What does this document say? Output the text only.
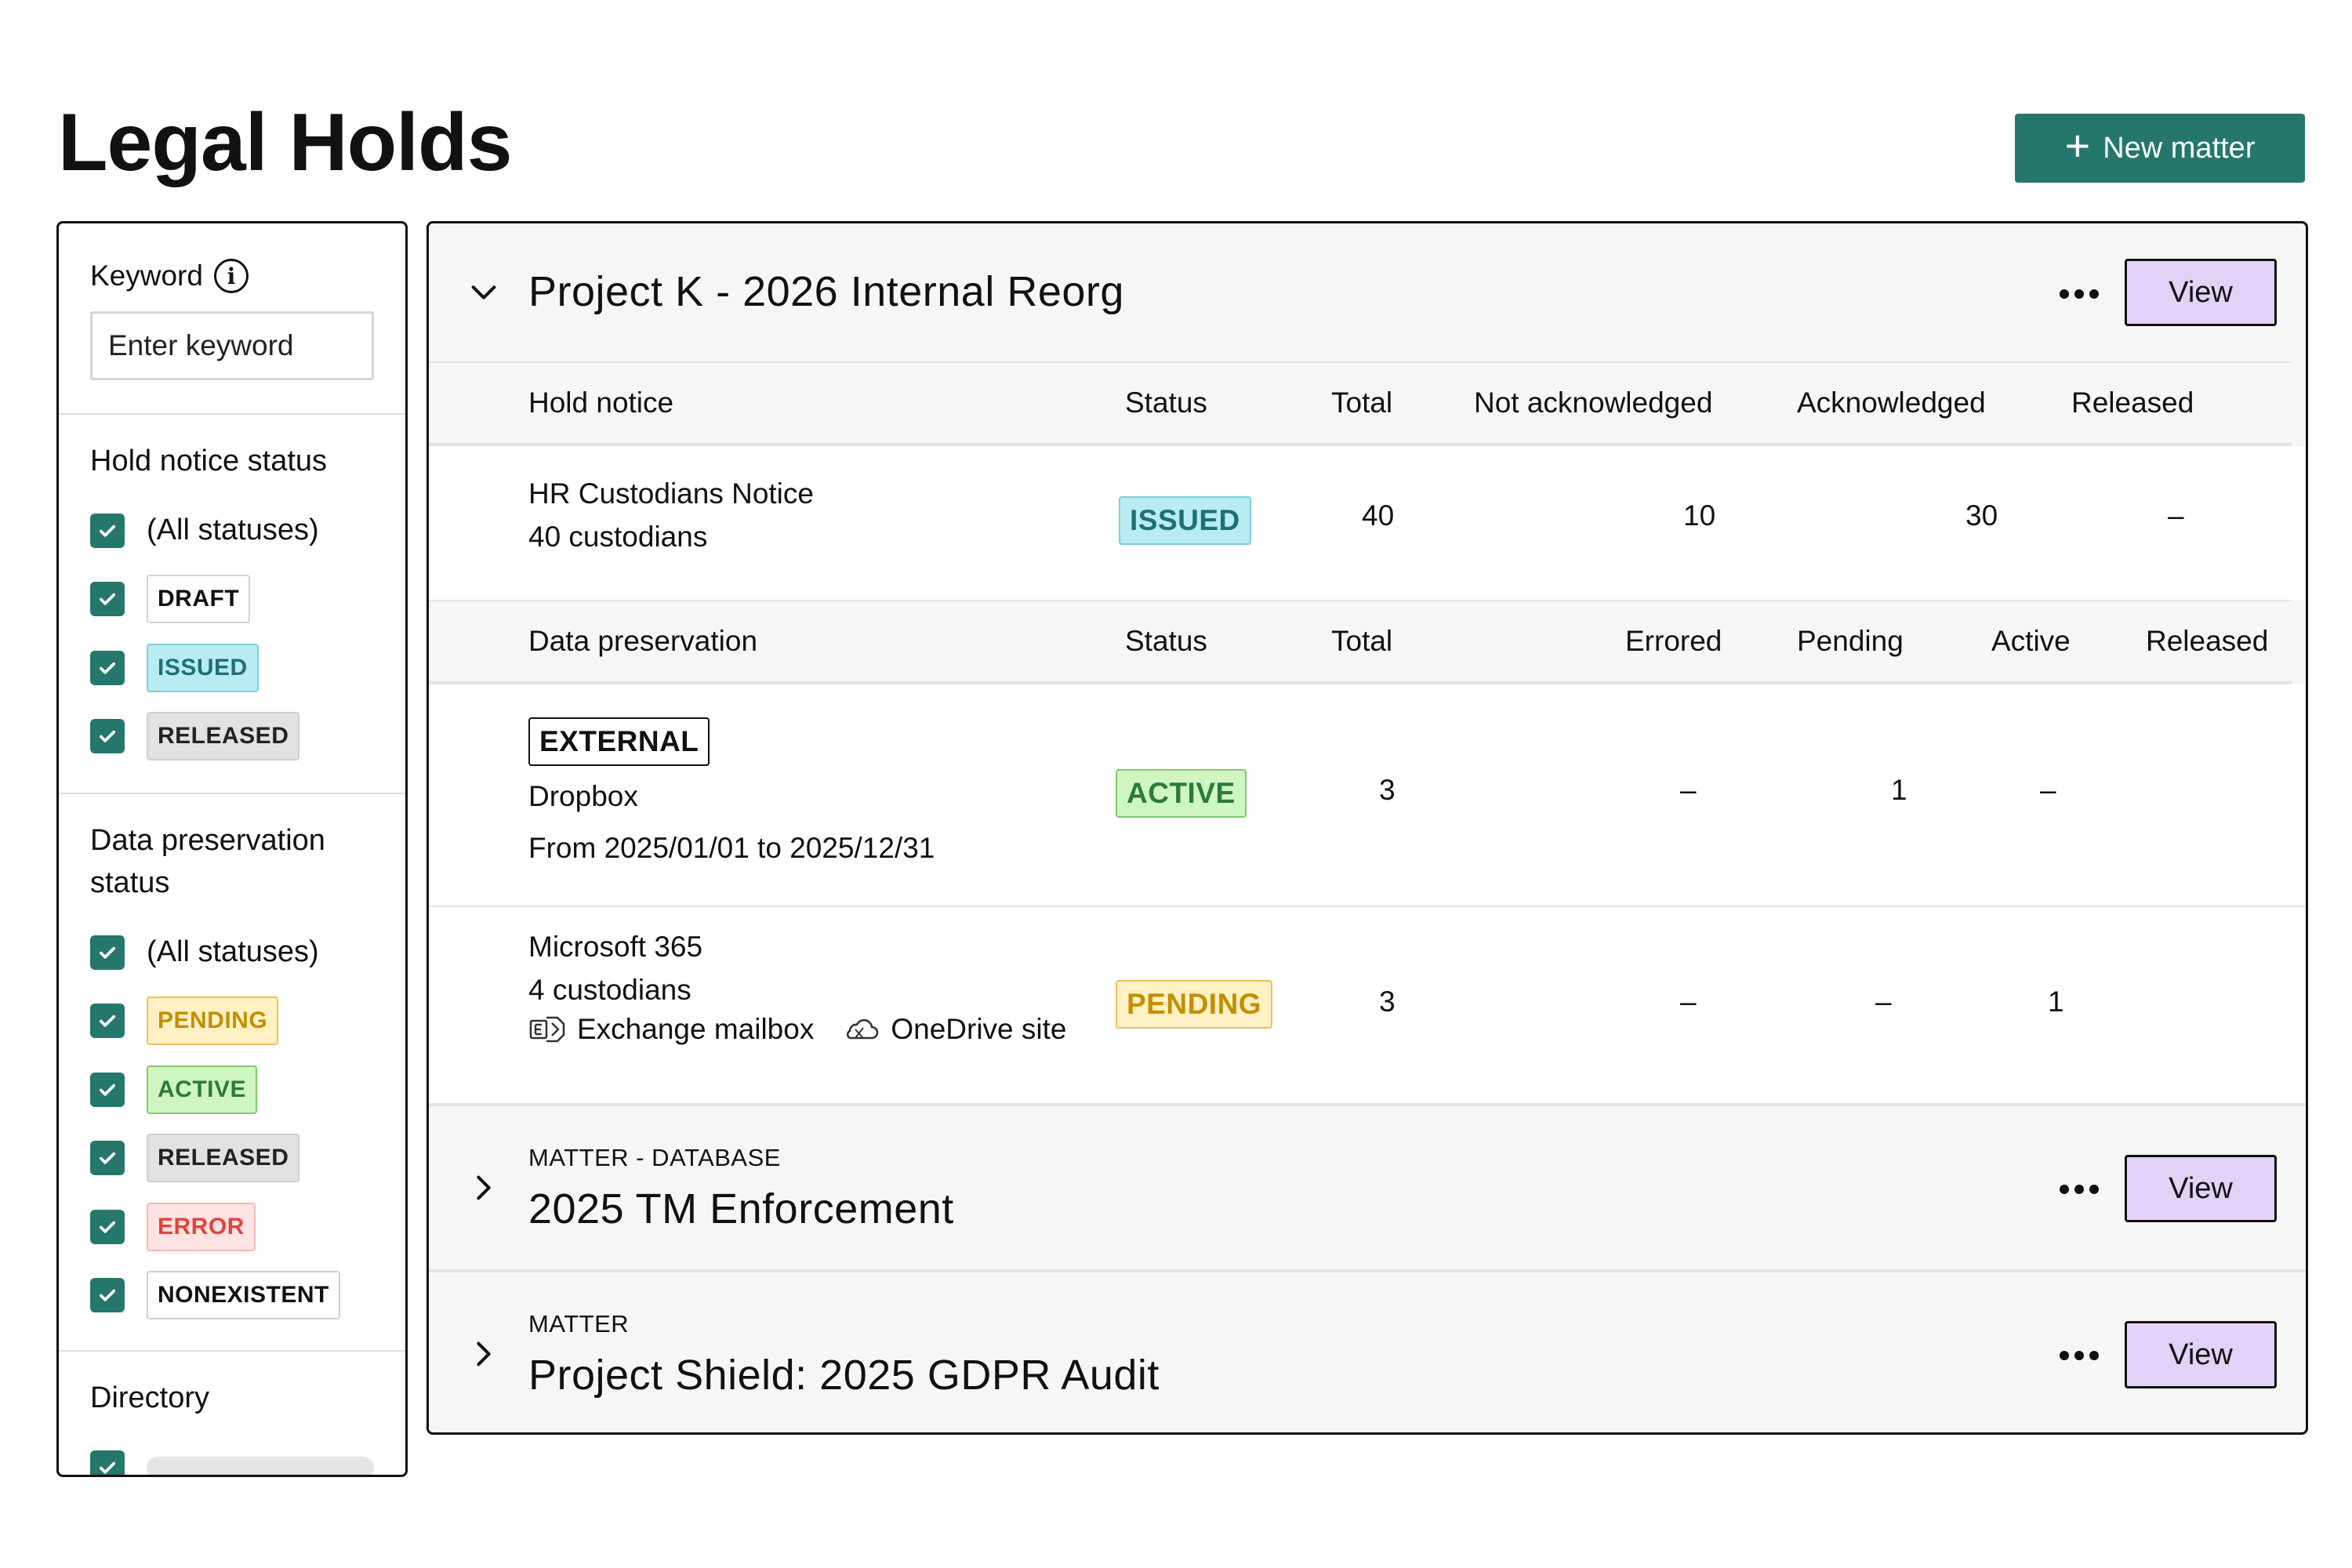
Legal Holds	+ New matter
Keyword	i
Enter keyword
Hold notice status
(All statuses)
DRAFT
ISSUED
RELEASED
Data preservation status
(All statuses)
PENDING
ACTIVE
RELEASED
ERROR
NONEXISTENT
Directory
Project K - 2026 Internal Reorg	View
Hold notice	Status	Total	Not acknowledged	Acknowledged	Released
HR Custodians Notice
40 custodians
ISSUED	40	10	30	–
Data preservation	Status	Total	Errored	Pending	Active	Released
EXTERNAL
Dropbox
From 2025/01/01 to 2025/12/31
ACTIVE	3	–	1	–
Microsoft 365
4 custodians
Exchange mailbox	OneDrive site
PENDING	3	–	–	1
MATTER - DATABASE
2025 TM Enforcement	View
MATTER
Project Shield: 2025 GDPR Audit	View
